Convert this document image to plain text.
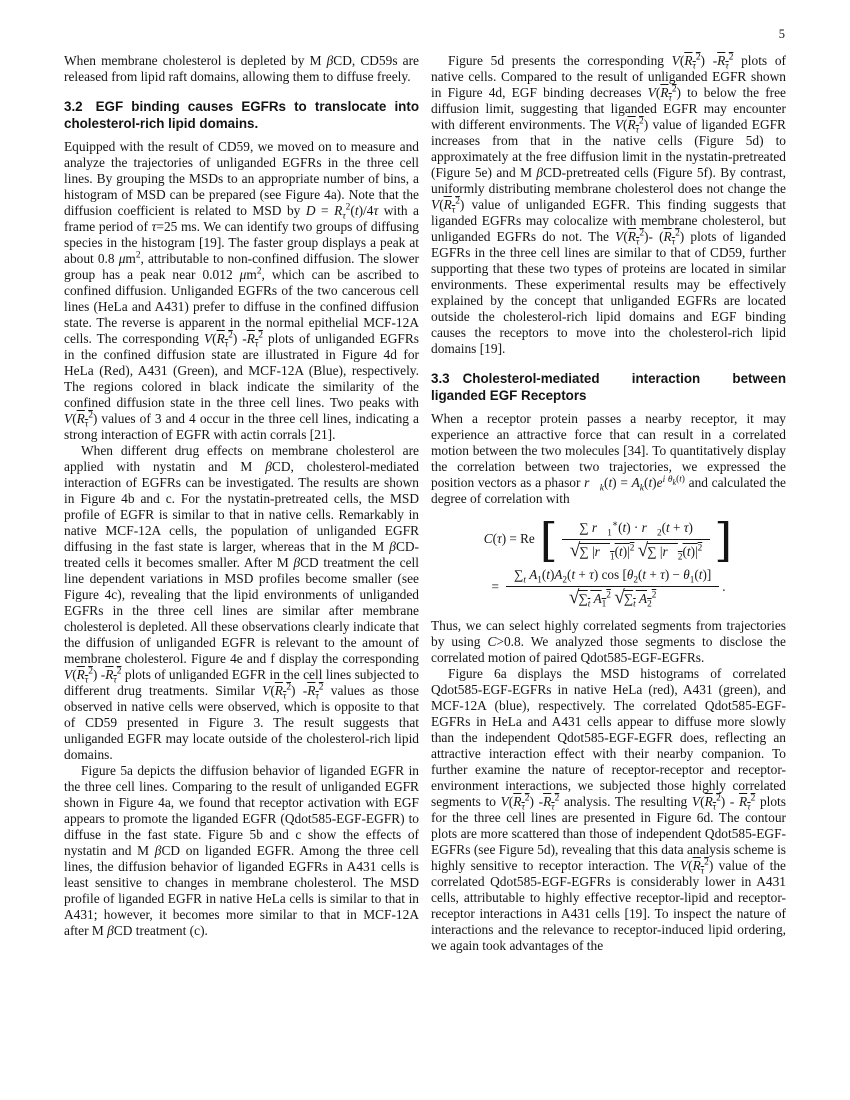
5

When membrane cholesterol is depleted by M βCD, CD59s are released from lipid raft domains, allowing them to diffuse freely.

3.2 EGF binding causes EGFRs to translocate into cholesterol-rich lipid domains.

Equipped with the result of CD59, we moved on to measure and analyze the trajectories of unliganded EGFRs in the three cell lines. By grouping the MSDs to an appropriate number of bins, a histogram of MSD can be prepared (see Figure 4a). Note that the diffusion coefficient is related to MSD by $D = R_\tau^2(t)/4\tau$ with a frame period of τ=25 ms. We can identify two groups of diffusing species in the histogram [19]. The faster group displays a peak at about 0.8 $\mu m^2$, attributable to non-confined diffusion. The slower group has a peak near 0.012 $\mu m^2$, which can be ascribed to confined diffusion. Unliganded EGFRs of the two cancerous cell lines (HeLa and A431) prefer to diffuse in the confined diffusion state. The reverse is apparent in the normal epithelial MCF-12A cells. The corresponding $V(R_\tau^2)$ $-R_\tau^2$ plots of unliganded EGFRs in the confined diffusion state are illustrated in Figure 4d for HeLa (Red), A431 (Green), and MCF-12A (Blue), respectively. The regions colored in black indicate the similarity of the confined diffusion state in the three cell lines. Two peaks with $V(R_\tau^2)$ values of 3 and 4 occur in the three cell lines, indicating a strong interaction of EGFR with actin corrals [21].

When different drug effects on membrane cholesterol are applied with nystatin and M βCD, cholesterol-mediated interaction of EGFRs can be investigated. The results are shown in Figure 4b and c. For the nystatin-pretreated cells, the MSD profile of EGFR is similar to that in native cells. Remarkably in native MCF-12A cells, the population of unliganded EGFR diffusing in the fast state is larger, whereas that in the M βCD-treated cells it becomes smaller. After M βCD treatment the cell line dependent variations in MSD profiles become smaller (see Figure 4c), revealing that the lipid environments of unliganded EGFRs in the three cell lines are similar after membrane cholesterol is depleted. All these observations clearly indicate that the diffusion of unliganded EGFR is relevant to the amount of membrane cholesterol. Figure 4e and f display the corresponding $V(R_\tau^2)$ $-R_\tau^2$ plots of unliganded EGFR in the cell lines subjected to different drug treatments. Similar $V(R_\tau^2)$ $-R_\tau^2$ values as those observed in native cells were observed, which is opposite to that of CD59 presented in Figure 3. The result suggests that unliganded EGFR may locate outside of the cholesterol-rich lipid domains.

Figure 5a depicts the diffusion behavior of liganded EGFR in the three cell lines. Comparing to the result of unliganded EGFR shown in Figure 4a, we found that receptor activation with EGF appears to promote the liganded EGFR (Qdot585-EGF-EGFR) to diffuse in the fast state. Figure 5b and c show the effects of nystatin and M βCD on liganded EGFR. Among the three cell lines, the diffusion behavior of liganded EGFRs in A431 cells is least sensitive to changes in membrane cholesterol. The MSD profile of liganded EGFR in native HeLa cells is similar to that in A431; however, it becomes more similar to that in MCF-12A after M βCD treatment (c).

Figure 5d presents the corresponding $V(R_\tau^2)$ $-R_\tau^2$ plots of native cells. Compared to the result of unliganded EGFR shown in Figure 4d, EGF binding decreases $V(R_\tau^2)$ to below the free diffusion limit, suggesting that liganded EGFR may encounter with different environments. The $V(R_\tau^2)$ value of liganded EGFR increases from that in the native cells (Figure 5d) to approximately at the free diffusion limit in the nystatin-pretreated (Figure 5e) and M βCD-pretreated cells (Figure 5f). By contrast, uniformly distributing membrane cholesterol does not change the $V(R_\tau^2)$ value of unliganded EGFR. This finding suggests that liganded EGFRs may colocalize with membrane cholesterol, but unliganded EGFRs do not. The $V(R_\tau^2)-$ $(R_\tau^2)$ plots of liganded EGFRs in the three cell lines are similar to that of CD59, further supporting that these two types of proteins are located in similar environments. These experimental results may be effectively explained by the concept that unliganded EGFRs are located outside the cholesterol-rich lipid domains and EGF binding causes the receptors to move into the cholesterol-rich lipid domains [19].

3.3 Cholesterol-mediated interaction between liganded EGF Receptors

When a receptor protein passes a nearby receptor, it may experience an attractive force that can result in a correlated motion between the two molecules [34]. To quantitatively display the correlation between two trajectories, we expressed the position vectors as a phasor $r⃗_k(t) = A_k(t)e^{i \theta_k(t)}$ and calculated the degree of correlation with

C(τ) = Re [ $\frac{\sum r⃗_1^∗(t) \cdot r⃗_2(t + \tau)}{√\sum |r⃗_1(t)|^2 √\sum |r⃗_2(t)|^2}$ ]
= $\frac{\sum_t A_1(t)A_2(t + \tau) \cos [\theta_2(t + \tau) - \theta_1(t)]}{√\sum_t A_1^2 √\sum_t A_2^2}$ .

Thus, we can select highly correlated segments from trajectories by using C>0.8. We analyzed those segments to disclose the correlated motion of paired Qdot585-EGF-EGFRs.

Figure 6a displays the MSD histograms of correlated Qdot585-EGF-EGFRs in native HeLa (red), A431 (green), and MCF-12A (blue), respectively. The correlated Qdot585-EGF-EGFRs in HeLa and A431 cells appear to diffuse more slowly than the independent Qdot585-EGF-EGFR does, reflecting an attractive interaction effect with their nearby companion. To further examine the nature of receptor-receptor and receptor-environment interactions, we subjected those highly correlated segments to $V(R_\tau^2)$ $-R_\tau^2$ analysis. The resulting $V(R_\tau^2) - R_\tau^2$ plots for the three cell lines are presented in Figure 6d. The contour plots are more scattered than those of independent Qdot585-EGF-EGFRs (see Figure 5d), revealing that this data analysis scheme is highly sensitive to receptor interaction. The $V(R_\tau^2)$ value of the correlated Qdot585-EGF-EGFRs is considerably lower in A431 cells, attributable to highly effective receptor-lipid and receptor-receptor interactions in A431 cells [19]. To inspect the nature of interactions and the relevance to receptor-induced lipid ordering, we again took advantages of the
